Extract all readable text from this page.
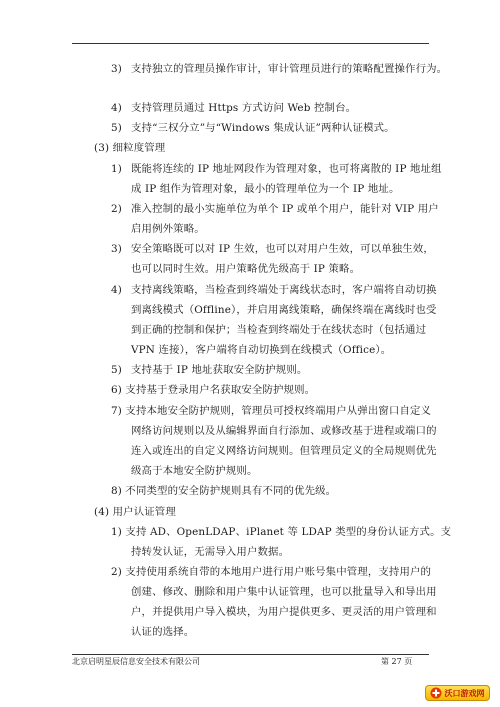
3) 支持独立的管理员操作审计，审计管理员进行的策略配置操作行为。
4) 支持管理员通过 Https 方式访问 Web 控制台。
5) 支持“三权分立”与“Windows 集成认证”两种认证模式。
(3) 细粒度管理
1) 既能将连续的 IP 地址网段作为管理对象，也可将离散的 IP 地址组
成 IP 组作为管理对象，最小的管理单位为一个 IP 地址。
2) 准入控制的最小实施单位为单个 IP 或单个用户，能针对 VIP 用户
启用例外策略。
3) 安全策略既可以对 IP 生效，也可以对用户生效，可以单独生效，
也可以同时生效。用户策略优先级高于 IP 策略。
4) 支持离线策略，当检查到终端处于离线状态时，客户端将自动切换
到离线模式（Offline），并启用离线策略，确保终端在离线时也受
到正确的控制和保护；当检查到终端处于在线状态时（包括通过
VPN 连接），客户端将自动切换到在线模式（Office）。
5) 支持基于 IP 地址获取安全防护规则。
6) 支持基于登录用户名获取安全防护规则。
7) 支持本地安全防护规则，管理员可授权终端用户从弹出窗口自定义
网络访问规则以及从编辑界面自行添加、或修改基于进程或端口的
连入或连出的自定义网络访问规则。但管理员定义的全局规则优先
级高于本地安全防护规则。
8) 不同类型的安全防护规则具有不同的优先级。
(4) 用户认证管理
1) 支持 AD、OpenLDAP、iPlanet 等 LDAP 类型的身份认证方式。支
持转发认证，无需导入用户数据。
2) 支持使用系统自带的本地用户进行用户账号集中管理，支持用户的
创建、修改、删除和用户集中认证管理，也可以批量导入和导出用
户，并提供用户导入模块，为用户提供更多、更灵活的用户管理和
认证的选择。
北京启明星辰信息安全技术有限公司	第 27 页
沃口游戏网
